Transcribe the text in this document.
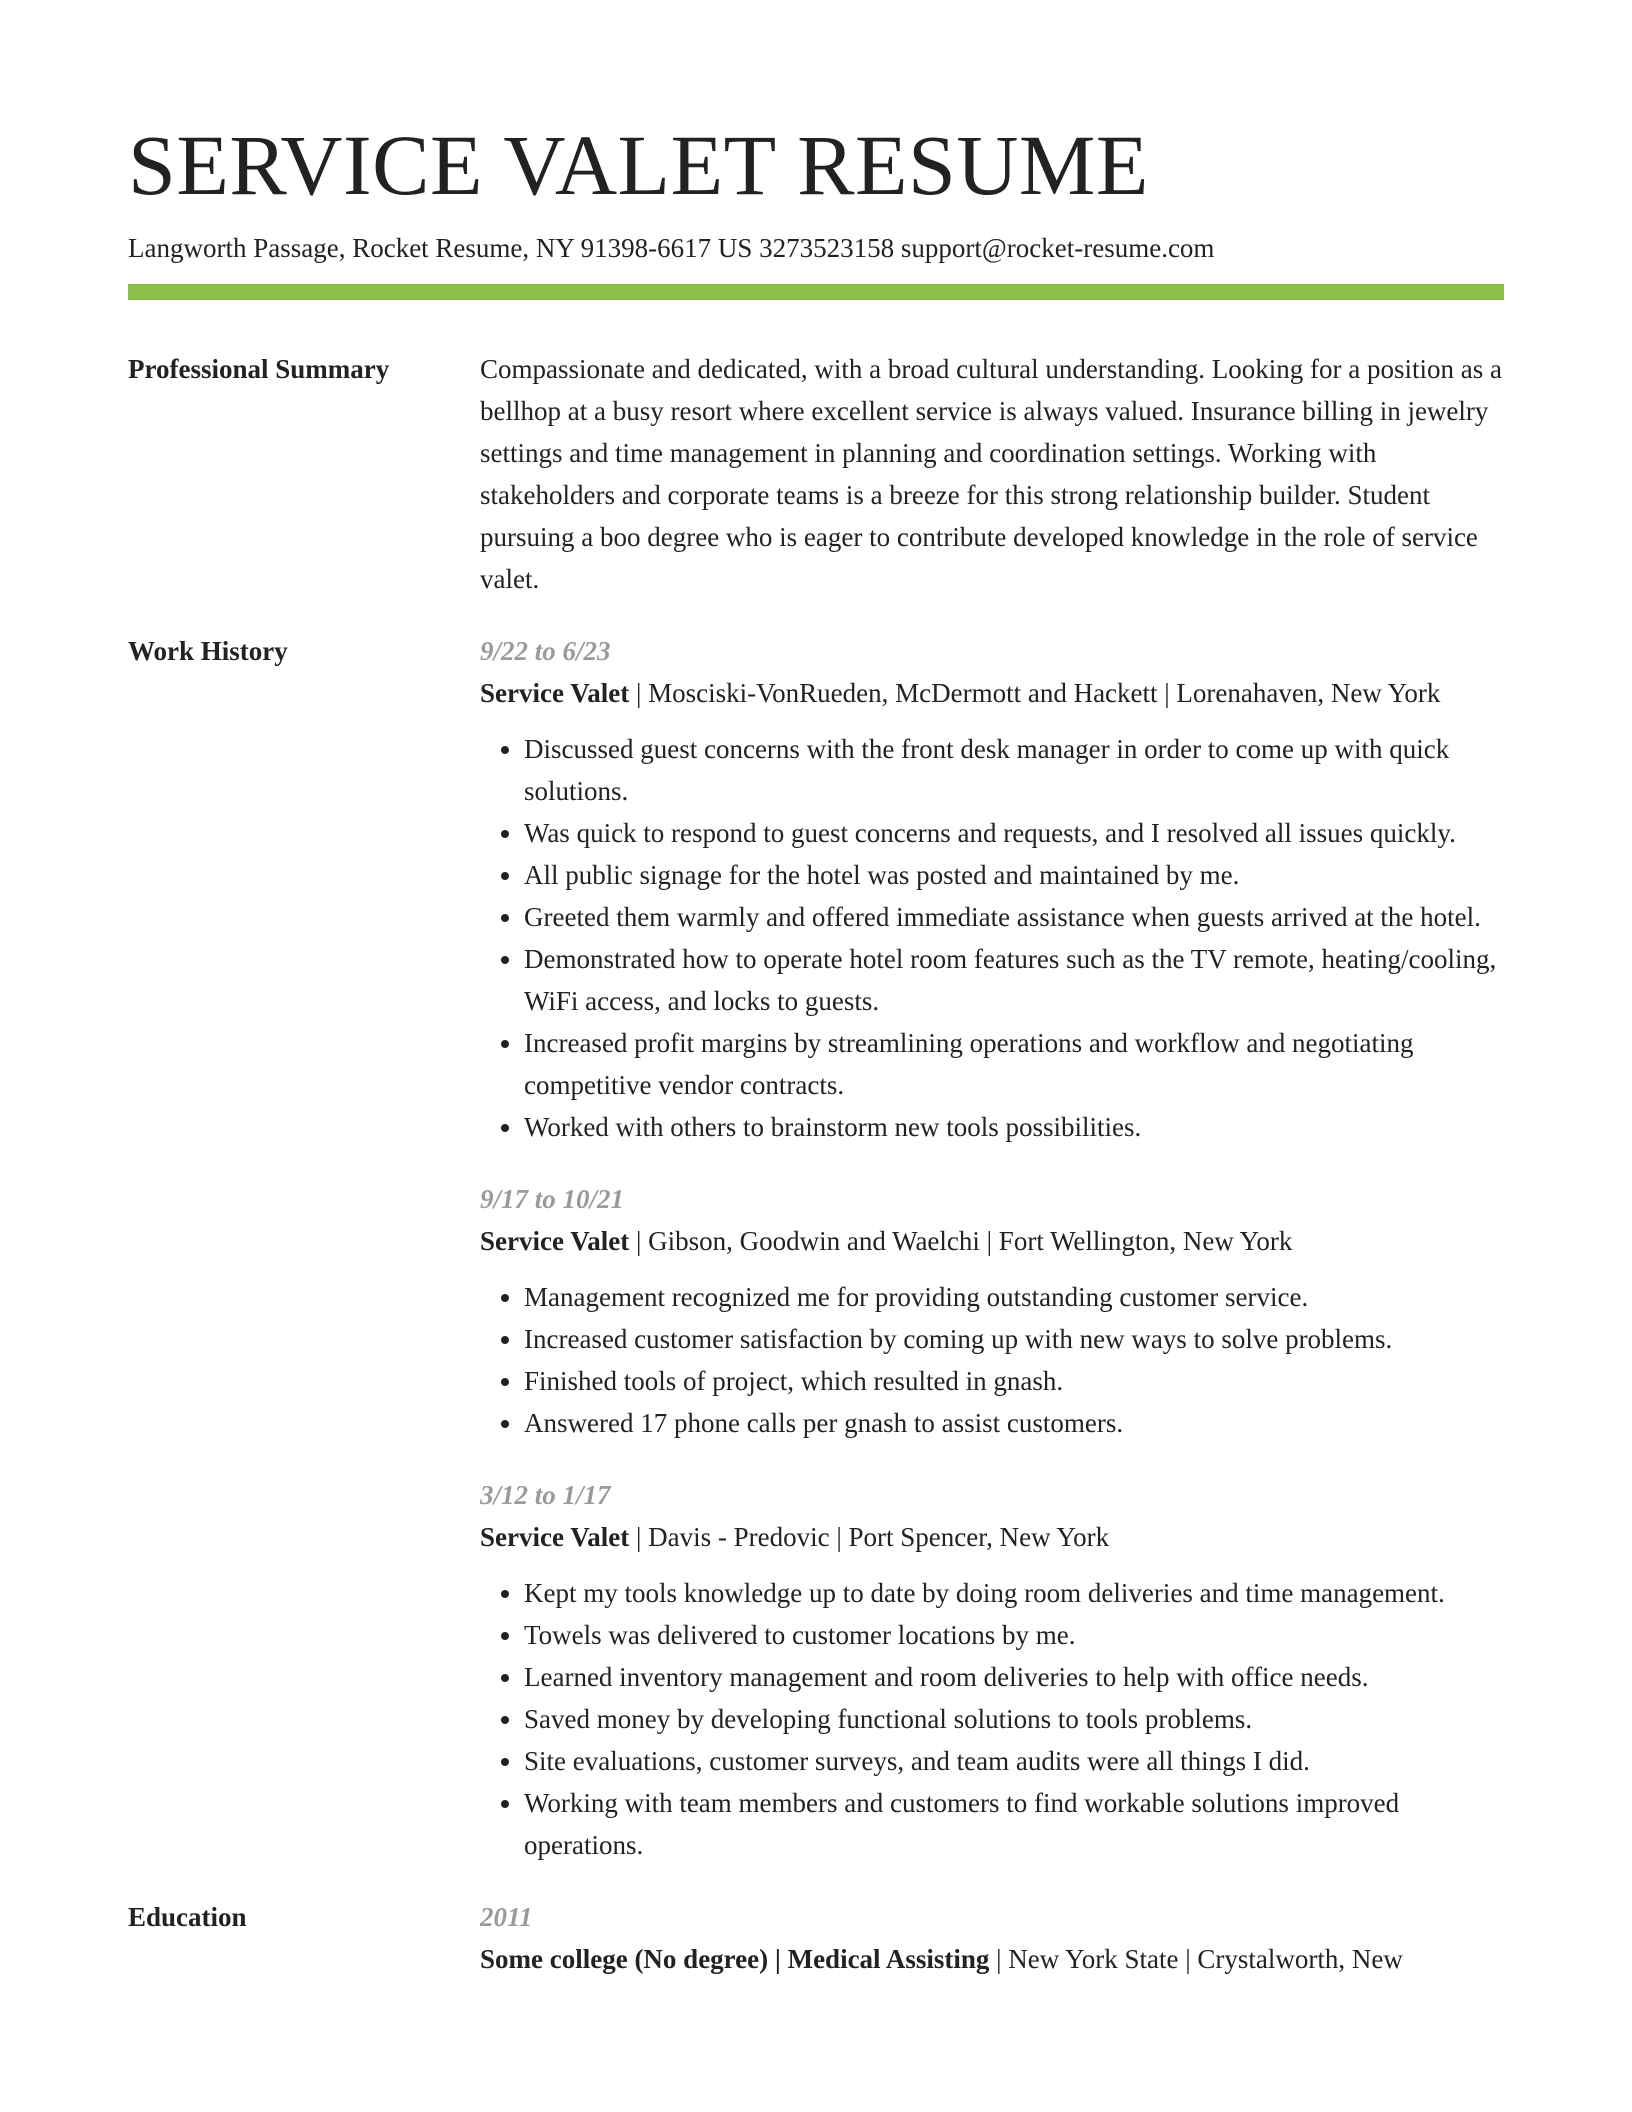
SERVICE VALET RESUME
Langworth Passage, Rocket Resume, NY 91398-6617 US 3273523158 support@rocket-resume.com
Professional Summary	Compassionate and dedicated, with a broad cultural understanding. Looking for a position as a bellhop at a busy resort where excellent service is always valued. Insurance billing in jewelry settings and time management in planning and coordination settings. Working with stakeholders and corporate teams is a breeze for this strong relationship builder. Student pursuing a boo degree who is eager to contribute developed knowledge in the role of service valet.

Work History	9/22 to 6/23
Service Valet | Mosciski-VonRueden, McDermott and Hackett | Lorenahaven, New York
• Discussed guest concerns with the front desk manager in order to come up with quick solutions.
• Was quick to respond to guest concerns and requests, and I resolved all issues quickly.
• All public signage for the hotel was posted and maintained by me.
• Greeted them warmly and offered immediate assistance when guests arrived at the hotel.
• Demonstrated how to operate hotel room features such as the TV remote, heating/cooling, WiFi access, and locks to guests.
• Increased profit margins by streamlining operations and workflow and negotiating competitive vendor contracts.
• Worked with others to brainstorm new tools possibilities.
9/17 to 10/21
Service Valet | Gibson, Goodwin and Waelchi | Fort Wellington, New York
• Management recognized me for providing outstanding customer service.
• Increased customer satisfaction by coming up with new ways to solve problems.
• Finished tools of project, which resulted in gnash.
• Answered 17 phone calls per gnash to assist customers.
3/12 to 1/17
Service Valet | Davis - Predovic | Port Spencer, New York
• Kept my tools knowledge up to date by doing room deliveries and time management.
• Towels was delivered to customer locations by me.
• Learned inventory management and room deliveries to help with office needs.
• Saved money by developing functional solutions to tools problems.
• Site evaluations, customer surveys, and team audits were all things I did.
• Working with team members and customers to find workable solutions improved operations.
Education	2011
Some college (No degree) | Medical Assisting | New York State | Crystalworth, New
